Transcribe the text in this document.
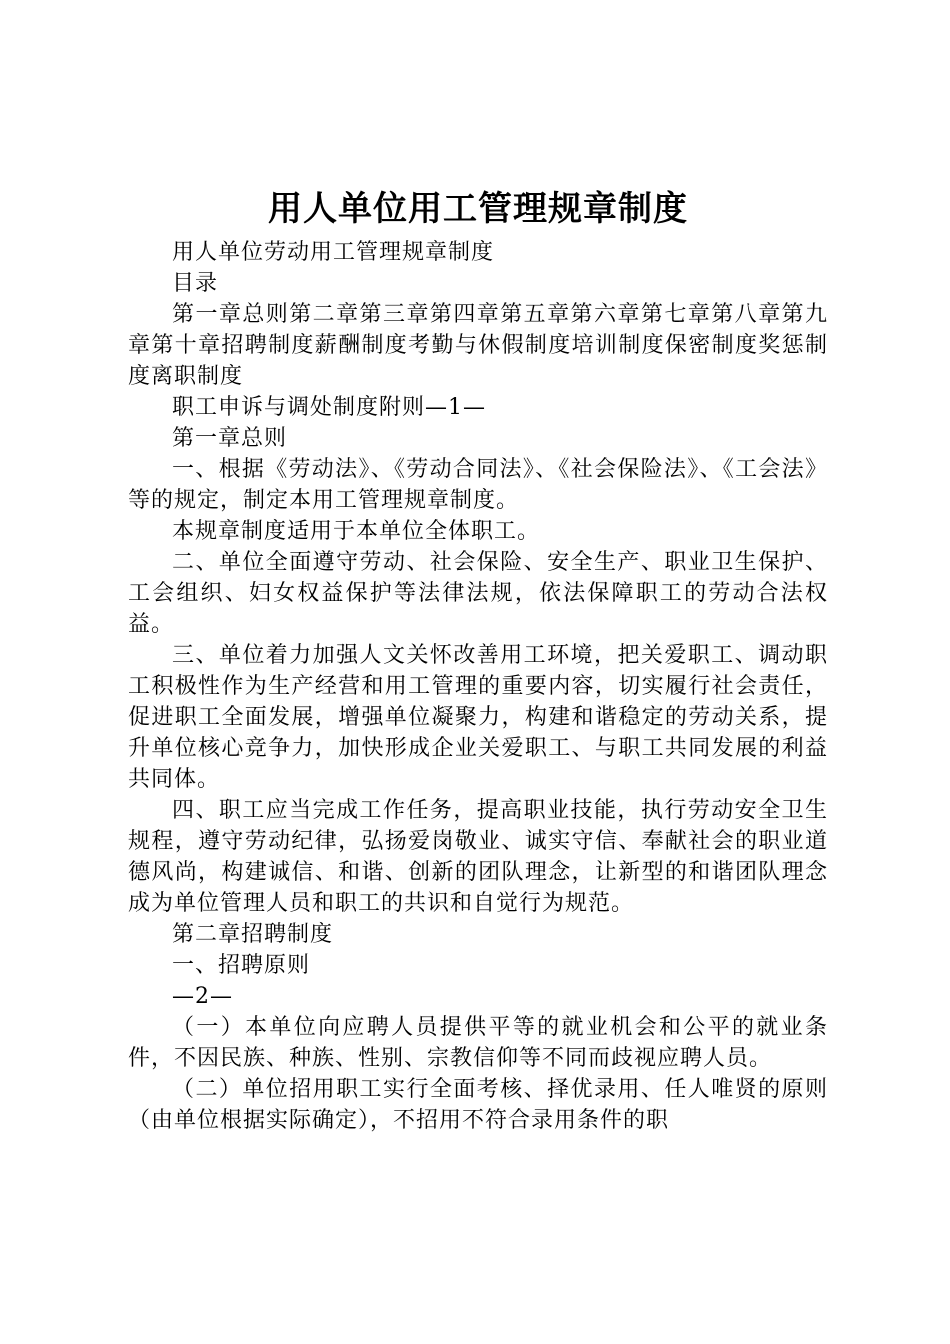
用人单位用工管理规章制度

用人单位劳动用工管理规章制度

目录

第一章总则第二章第三章第四章第五章第六章第七章第八章第九章第十章招聘制度薪酬制度考勤与休假制度培训制度保密制度奖惩制度离职制度

职工申诉与调处制度附则—1—

第一章总则

一、根据《劳动法》、《劳动合同法》、《社会保险法》、《工会法》等的规定，制定本用工管理规章制度。

本规章制度适用于本单位全体职工。

二、单位全面遵守劳动、社会保险、安全生产、职业卫生保护、工会组织、妇女权益保护等法律法规，依法保障职工的劳动合法权益。

三、单位着力加强人文关怀改善用工环境，把关爱职工、调动职工积极性作为生产经营和用工管理的重要内容，切实履行社会责任，促进职工全面发展，增强单位凝聚力，构建和谐稳定的劳动关系，提升单位核心竞争力，加快形成企业关爱职工、与职工共同发展的利益共同体。

四、职工应当完成工作任务，提高职业技能，执行劳动安全卫生规程，遵守劳动纪律，弘扬爱岗敬业、诚实守信、奉献社会的职业道德风尚，构建诚信、和谐、创新的团队理念，让新型的和谐团队理念成为单位管理人员和职工的共识和自觉行为规范。

第二章招聘制度

一、招聘原则

—2—

（一）本单位向应聘人员提供平等的就业机会和公平的就业条件，不因民族、种族、性别、宗教信仰等不同而歧视应聘人员。

（二）单位招用职工实行全面考核、择优录用、任人唯贤的原则（由单位根据实际确定），不招用不符合录用条件的职
